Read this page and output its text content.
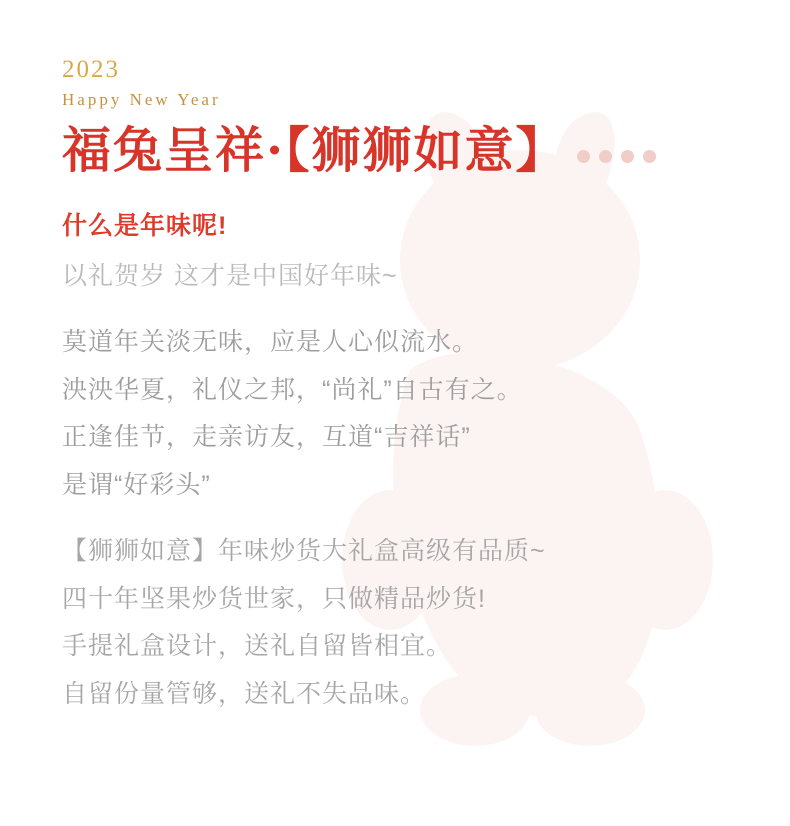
2023
Happy New Year
福兔呈祥·【狮狮如意】
什么是年味呢!
以礼贺岁 这才是中国好年味~

莫道年关淡无味，应是人心似流水。

泱泱华夏，礼仪之邦，“尚礼”自古有之。

正逢佳节，走亲访友，互道“吉祥话”

是谓“好彩头”

【狮狮如意】年味炒货大礼盒高级有品质~

四十年坚果炒货世家，只做精品炒货!

手提礼盒设计，送礼自留皆相宜。

自留份量管够，送礼不失品味。
